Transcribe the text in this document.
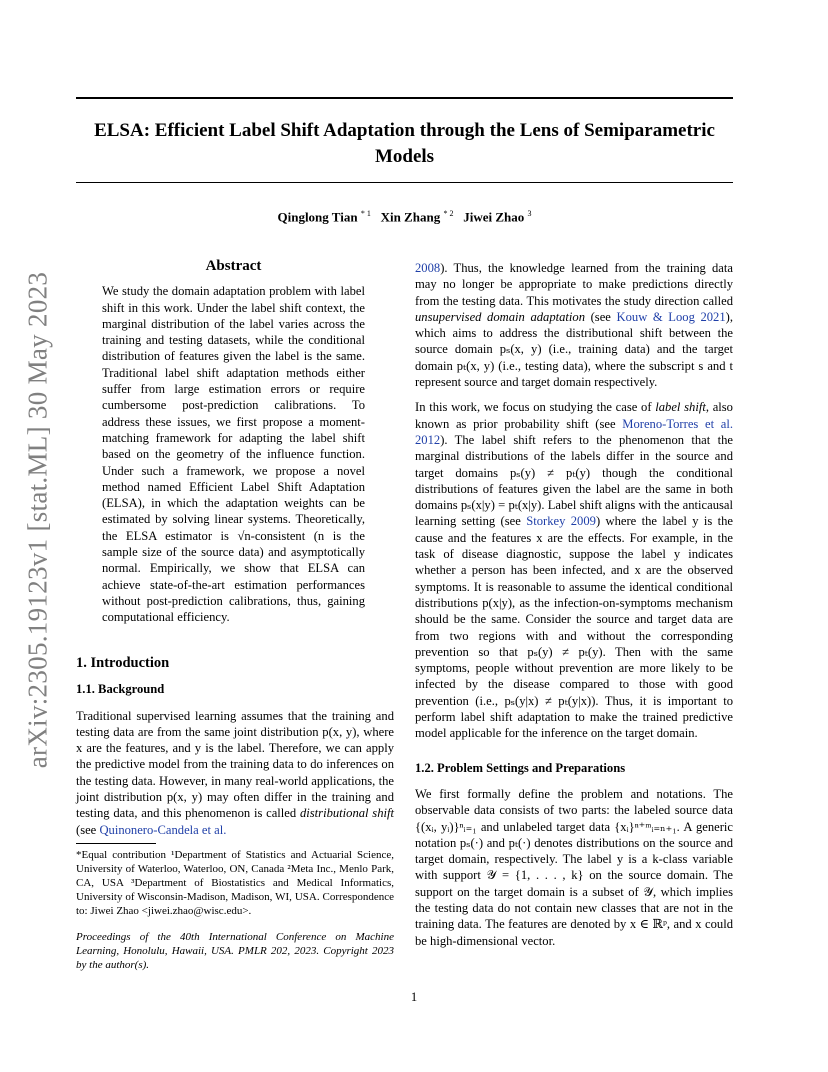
arXiv:2305.19123v1 [stat.ML] 30 May 2023
ELSA: Efficient Label Shift Adaptation through the Lens of Semiparametric
Models
Qinglong Tian $^{* 1}$ Xin Zhang $^{* 2}$ Jiwei Zhao $^3$
Abstract

We study the domain adaptation problem with label shift in this work. Under the label shift context, the marginal distribution of the label varies across the training and testing datasets, while the conditional distribution of features given the label is the same. Traditional label shift adaptation methods either suffer from large estimation errors or require cumbersome post-prediction calibrations. To address these issues, we first propose a moment-matching framework for adapting the label shift based on the geometry of the influence function. Under such a framework, we propose a novel method named Efficient Label Shift Adaptation (ELSA), in which the adaptation weights can be estimated by solving linear systems. Theoretically, the ELSA estimator is √n-consistent (n is the sample size of the source data) and asymptotically normal. Empirically, we show that ELSA can achieve state-of-the-art estimation performances without post-prediction calibrations, thus, gaining computational efficiency.

1. Introduction
1.1. Background

Traditional supervised learning assumes that the training and testing data are from the same joint distribution p(x, y), where x are the features, and y is the label. Therefore, we can apply the predictive model from the training data to do inferences on the testing data. However, in many real-world applications, the joint distribution p(x, y) may often differ in the training and testing data, and this phenomenon is called distributional shift (see Quinonero-Candela et al.

*Equal contribution ¹Department of Statistics and Actuarial Science, University of Waterloo, Waterloo, ON, Canada ²Meta Inc., Menlo Park, CA, USA ³Department of Biostatistics and Medical Informatics, University of Wisconsin-Madison, Madison, WI, USA. Correspondence to: Jiwei Zhao <jiwei.zhao@wisc.edu>.
Proceedings of the 40th International Conference on Machine Learning, Honolulu, Hawaii, USA. PMLR 202, 2023. Copyright 2023 by the author(s).

2008). Thus, the knowledge learned from the training data may no longer be appropriate to make predictions directly from the testing data. This motivates the study direction called unsupervised domain adaptation (see Kouw & Loog 2021), which aims to address the distributional shift between the source domain pₛ(x, y) (i.e., training data) and the target domain pₜ(x, y) (i.e., testing data), where the subscript s and t represent source and target domain respectively.

In this work, we focus on studying the case of label shift, also known as prior probability shift (see Moreno-Torres et al. 2012). The label shift refers to the phenomenon that the marginal distributions of the labels differ in the source and target domains pₛ(y) ≠ pₜ(y) though the conditional distributions of features given the label are the same in both domains pₛ(x|y) = pₜ(x|y). Label shift aligns with the anticausal learning setting (see Storkey 2009) where the label y is the cause and the features x are the effects. For example, in the task of disease diagnostic, suppose the label y indicates whether a person has been infected, and x are the observed symptoms. It is reasonable to assume the identical conditional distributions p(x|y), as the infection-on-symptoms mechanism should be the same. Consider the source and target data are from two regions with and without the corresponding prevention so that pₛ(y) ≠ pₜ(y). Then with the same symptoms, people without prevention are more likely to be infected by the disease compared to those with good prevention (i.e., pₛ(y|x) ≠ pₜ(y|x)). Thus, it is important to perform label shift adaptation to make the trained predictive model applicable for the inference on the target domain.

1.2. Problem Settings and Preparations

We first formally define the problem and notations. The observable data consists of two parts: the labeled source data {(xᵢ, yᵢ)}ⁿᵢ₌₁ and unlabeled target data {xᵢ}ⁿ⁺ᵐᵢ₌ₙ₊₁. A generic notation pₛ(·) and pₜ(·) denotes distributions on the source and target domain, respectively. The label y is a k-class variable with support 𝒴 = {1, . . . , k} on the source domain. The support on the target domain is a subset of 𝒴, which implies the testing data do not contain new classes that are not in the training data. The features are denoted by x ∈ ℝᵖ, and x could be high-dimensional vector.

1
